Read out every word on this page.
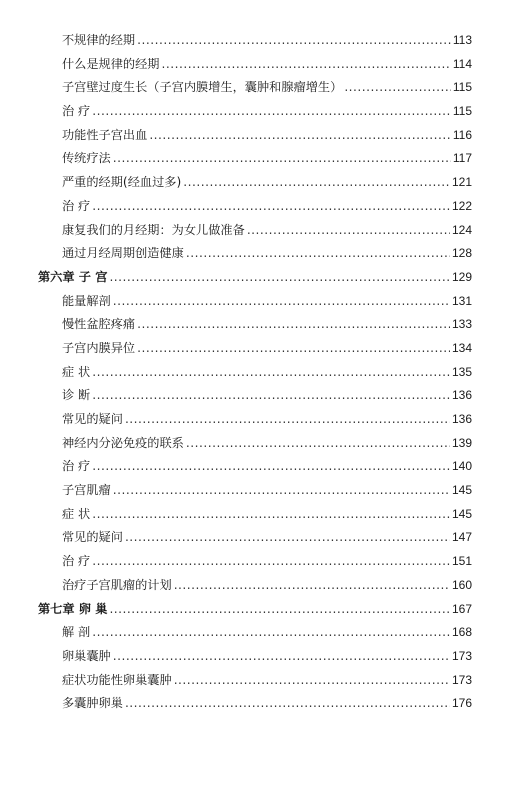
不规律的经期 .....	113
什么是规律的经期 .....	114
子宫壁过度生长（子宫内膜增生，囊肿和腺瘤增生） .....	115
治 疗 .....	115
功能性子宫出血 .....	116
传统疗法 .....	117
严重的经期(经血过多) .....	121
治 疗 .....	122
康复我们的月经期：为女儿做准备 .....	124
通过月经周期创造健康 .....	128
第六章 子 宫 .....	129
能量解剖 .....	131
慢性盆腔疼痛 .....	133
子宫内膜异位 .....	134
症 状 .....	135
诊 断 .....	136
常见的疑问 .....	136
神经内分泌免疫的联系 .....	139
治 疗 .....	140
子宫肌瘤 .....	145
症 状 .....	145
常见的疑问 .....	147
治 疗 .....	151
治疗子宫肌瘤的计划 .....	160
第七章 卵 巢 .....	167
解 剖 .....	168
卵巢囊肿 .....	173
症状功能性卵巢囊肿 .....	173
多囊肿卵巢 .....	176
